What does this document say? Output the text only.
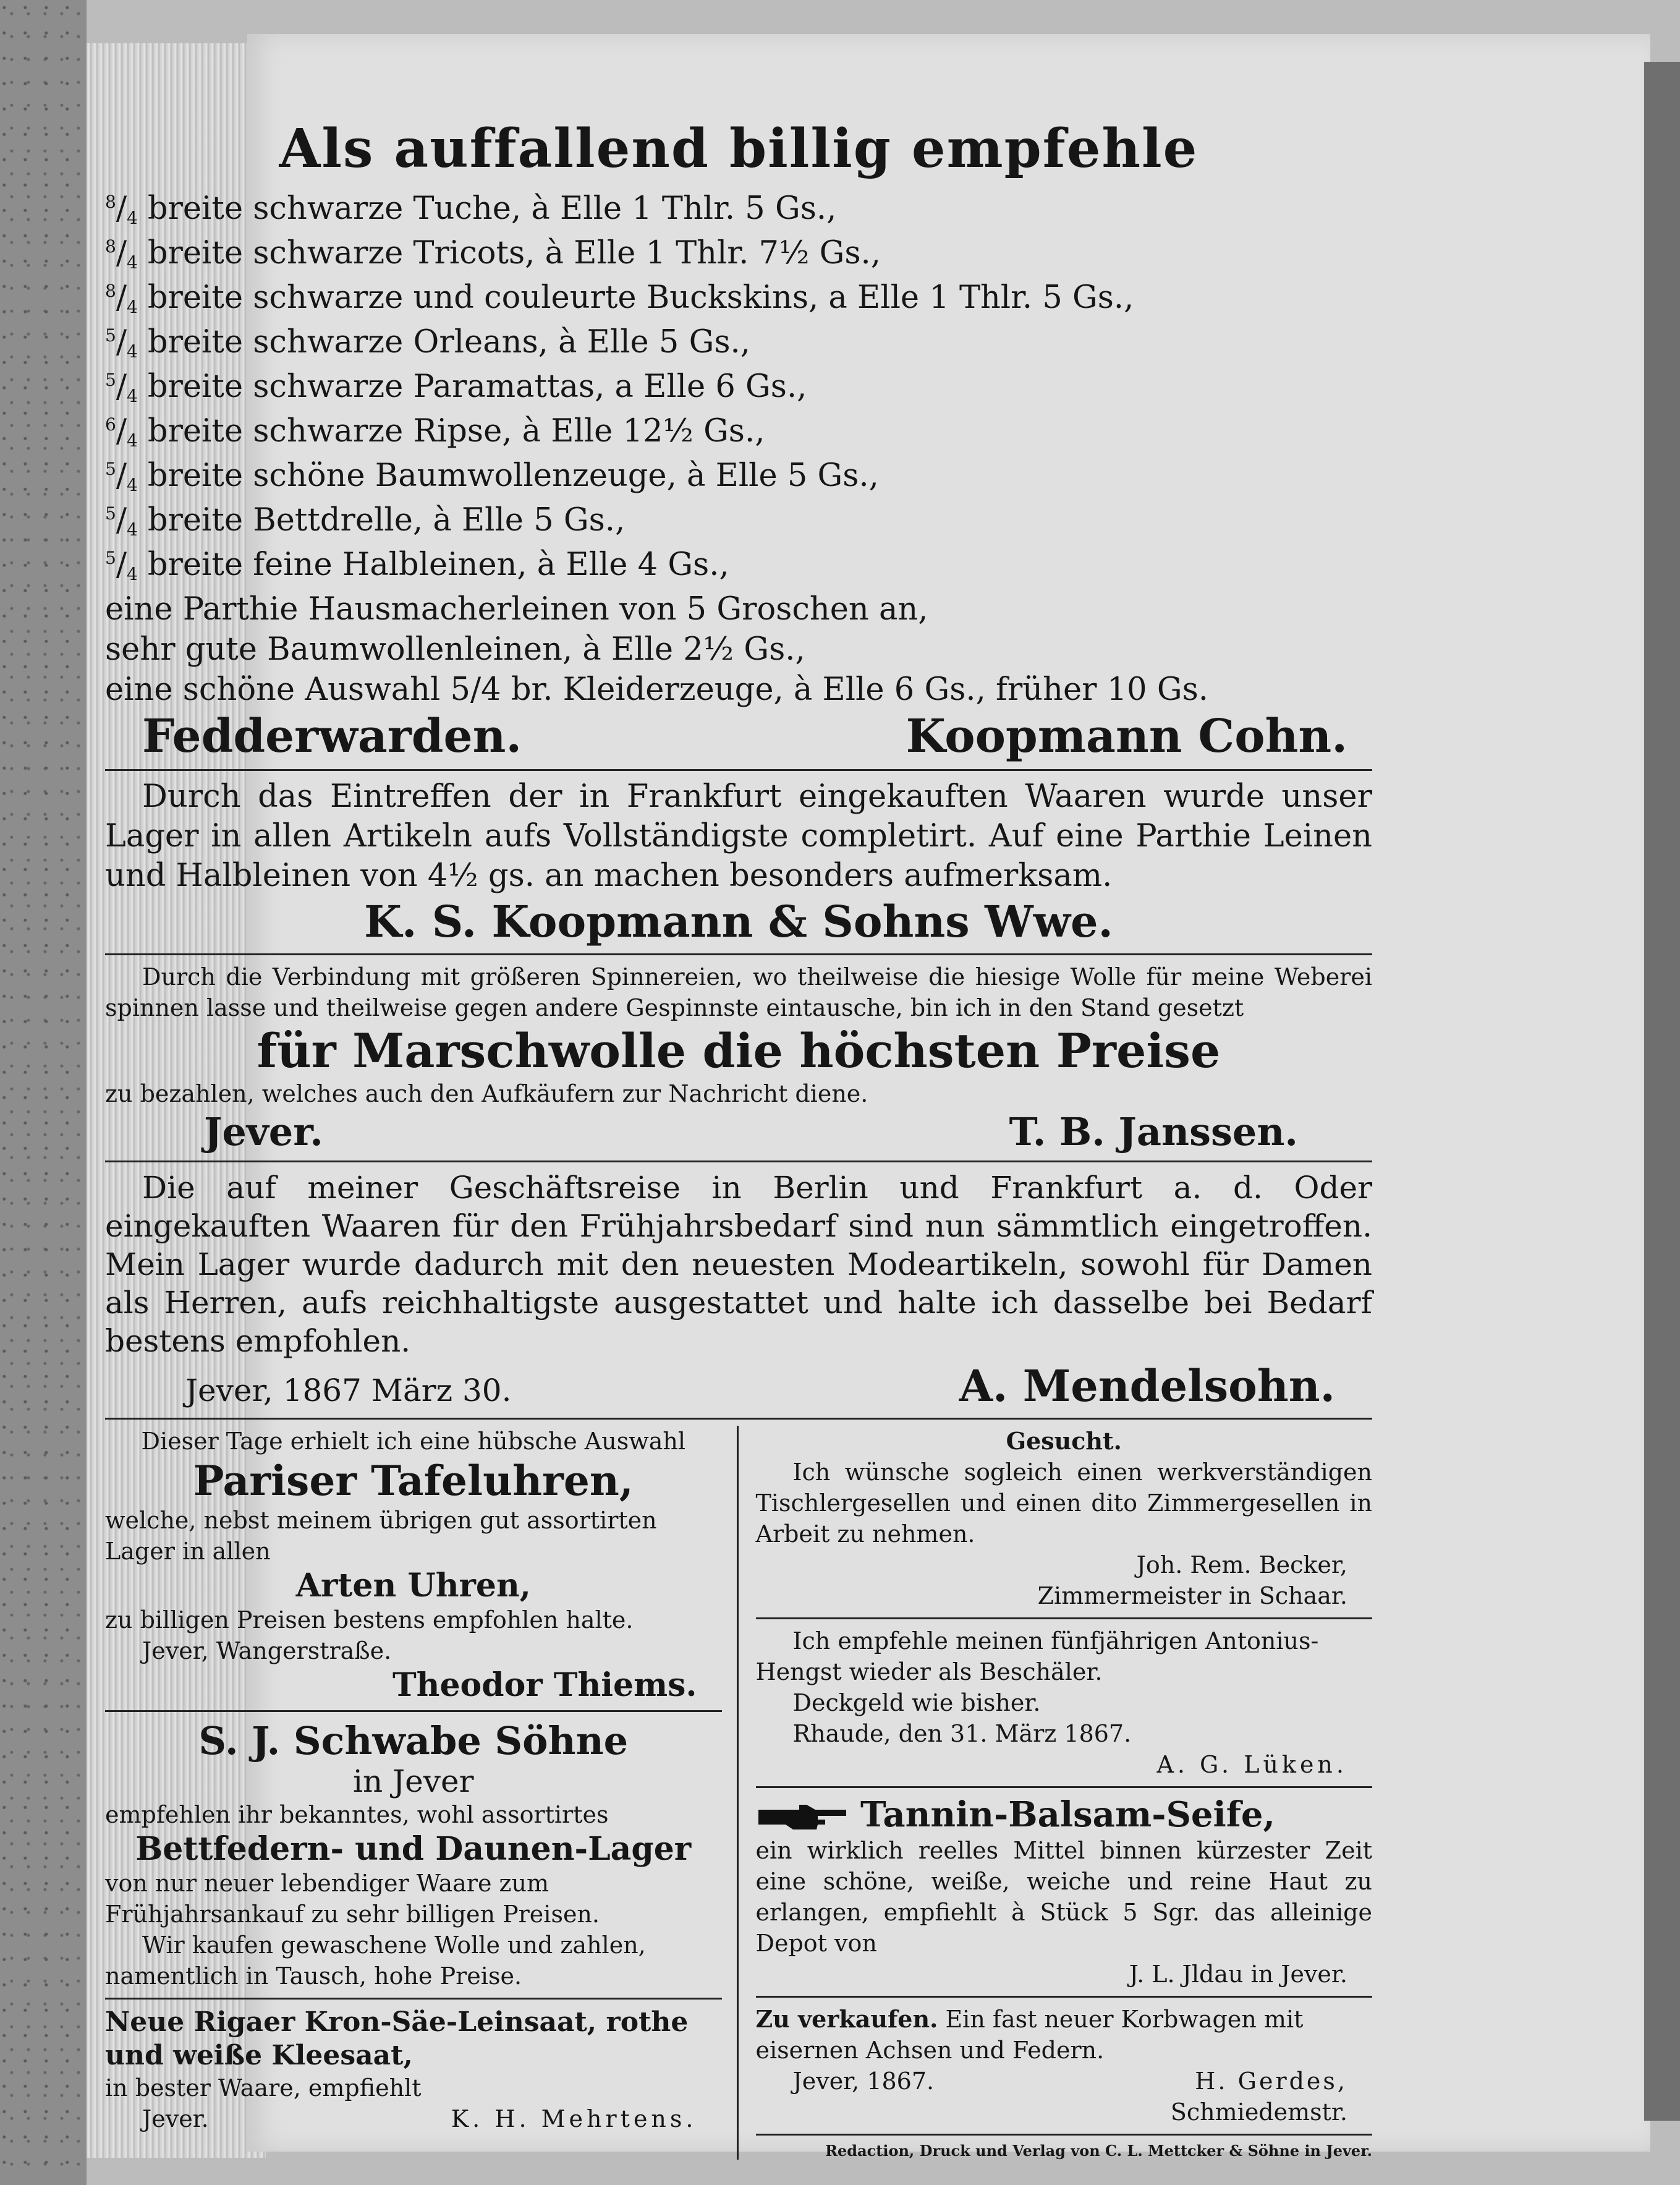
Als auffallend billig empfehle
$^8$/4 breite schwarze Tuche, à Elle 1 Thlr. 5 Gs.,
$^8$/4 breite schwarze Tricots, à Elle 1 Thlr. 7½ Gs.,
$^8$/4 breite schwarze und couleurte Buckskins, a Elle 1 Thlr. 5 Gs.,
$^5$/4 breite schwarze Orleans, à Elle 5 Gs.,
$^5$/4 breite schwarze Paramattas, a Elle 6 Gs.,
$^6$/4 breite schwarze Ripse, à Elle 12½ Gs.,
$^5$/4 breite schöne Baumwollenzeuge, à Elle 5 Gs.,
$^5$/4 breite Bettdrelle, à Elle 5 Gs.,
$^5$/4 breite feine Halbleinen, à Elle 4 Gs.,
eine Parthie Hausmacherleinen von 5 Groschen an,
sehr gute Baumwollenleinen, à Elle 2½ Gs.,
eine schöne Auswahl 5/4 br. Kleiderzeuge, à Elle 6 Gs., früher 10 Gs.
Fedderwarden.	Koopmann Cohn.
Durch das Eintreffen der in Frankfurt eingekauften Waaren wurde unser Lager in allen Artikeln aufs Vollständigste completirt. Auf eine Parthie Leinen und Halbleinen von 4½ gs. an machen besonders aufmerksam.
K. S. Koopmann & Sohns Wwe.
Durch die Verbindung mit größeren Spinnereien, wo theilweise die hiesige Wolle für meine Weberei spinnen lasse und theilweise gegen andere Gespinnste eintausche, bin ich in den Stand gesetzt
für Marschwolle die höchsten Preise
zu bezahlen, welches auch den Aufkäufern zur Nachricht diene.
Jever.	T. B. Janssen.
Die auf meiner Geschäftsreise in Berlin und Frankfurt a. d. Oder eingekauften Waaren für den Frühjahrsbedarf sind nun sämmtlich eingetroffen. Mein Lager wurde dadurch mit den neuesten Modeartikeln, sowohl für Damen als Herren, aufs reichhaltigste ausgestattet und halte ich dasselbe bei Bedarf bestens empfohlen.
Jever, 1867 März 30.	A. Mendelsohn.
Dieser Tage erhielt ich eine hübsche Auswahl
Pariser Tafeluhren,
welche, nebst meinem übrigen gut assortirten Lager in allen
Arten Uhren,
zu billigen Preisen bestens empfohlen halte.
Jever, Wangerstraße.
Theodor Thiems.
S. J. Schwabe Söhne
in Jever
empfehlen ihr bekanntes, wohl assortirtes
Bettfedern- und Daunen-Lager
von nur neuer lebendiger Waare zum Frühjahrsankauf zu sehr billigen Preisen.
Wir kaufen gewaschene Wolle und zahlen, namentlich in Tausch, hohe Preise.
Neue Rigaer Kron-Säe-Leinsaat, rothe und weiße Kleesaat,
in bester Waare, empfiehlt
Jever.	K. H. Mehrtens.
Gesucht.
Ich wünsche sogleich einen werkverständigen Tischlergesellen und einen dito Zimmergesellen in Arbeit zu nehmen.
Joh. Rem. Becker,
Zimmermeister in Schaar.
Ich empfehle meinen fünfjährigen Antonius-Hengst wieder als Beschäler.
Deckgeld wie bisher.
Rhaude, den 31. März 1867.
A. G. Lüken.
Tannin-Balsam-Seife,
ein wirklich reelles Mittel binnen kürzester Zeit eine schöne, weiße, weiche und reine Haut zu erlangen, empfiehlt à Stück 5 Sgr. das alleinige Depot von
J. L. Jldau in Jever.
Zu verkaufen. Ein fast neuer Korbwagen mit eisernen Achsen und Federn.
Jever, 1867.	H. Gerdes,
Schmiedemstr.
Redaction, Druck und Verlag von C. L. Mettcker & Söhne in Jever.
